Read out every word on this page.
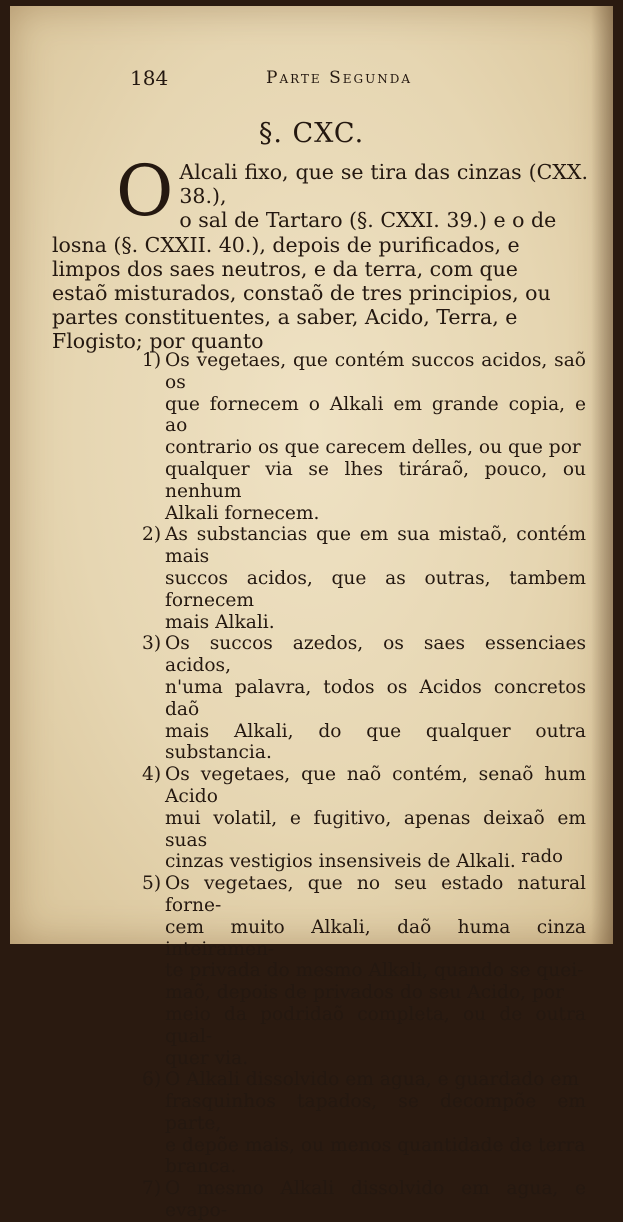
184	Parte Segunda
§. CXC.
O Alcali fixo, que se tira das cinzas (CXX. 38.),
o sal de Tartaro (§. CXXI. 39.) e o de
losna (§. CXXII. 40.), depois de purificados, e
limpos dos saes neutros, e da terra, com que
estaõ misturados, constaõ de tres principios, ou
partes constituentes, a saber, Acido, Terra, e
Flogisto; por quanto
1) Os vegetaes, que contém succos acidos, saõ os
que fornecem o Alkali em grande copia, e ao
contrario os que carecem delles, ou que por
qualquer via se lhes tiráraõ, pouco, ou nenhum
Alkali fornecem.
2) As substancias que em sua mistaõ, contém mais
succos acidos, que as outras, tambem fornecem
mais Alkali.
3) Os succos azedos, os saes essenciaes acidos,
n'uma palavra, todos os Acidos concretos daõ
mais Alkali, do que qualquer outra substancia.
4) Os vegetaes, que naõ contém, senaõ hum Acido
mui volatil, e fugitivo, apenas deixaõ em suas
cinzas vestigios insensiveis de Alkali.
5) Os vegetaes, que no seu estado natural fornе-
cem muito Alkali, daõ huma cinza inteiramen-
te privada do mesmo Alkali, quando se quei-
maõ, depois de privados do seu Acido, por
meio da podridaõ completa, ou de outra qual-
quer via.
6) O Alkali dissolvido em agua, e guardado em
frasquinhos tapados, se decompõe em parte,
e depõe mais, ou menos quantidade de terra
branca.
7) O mesmo Alkali dissolvido em agua, e evapo-
rado
